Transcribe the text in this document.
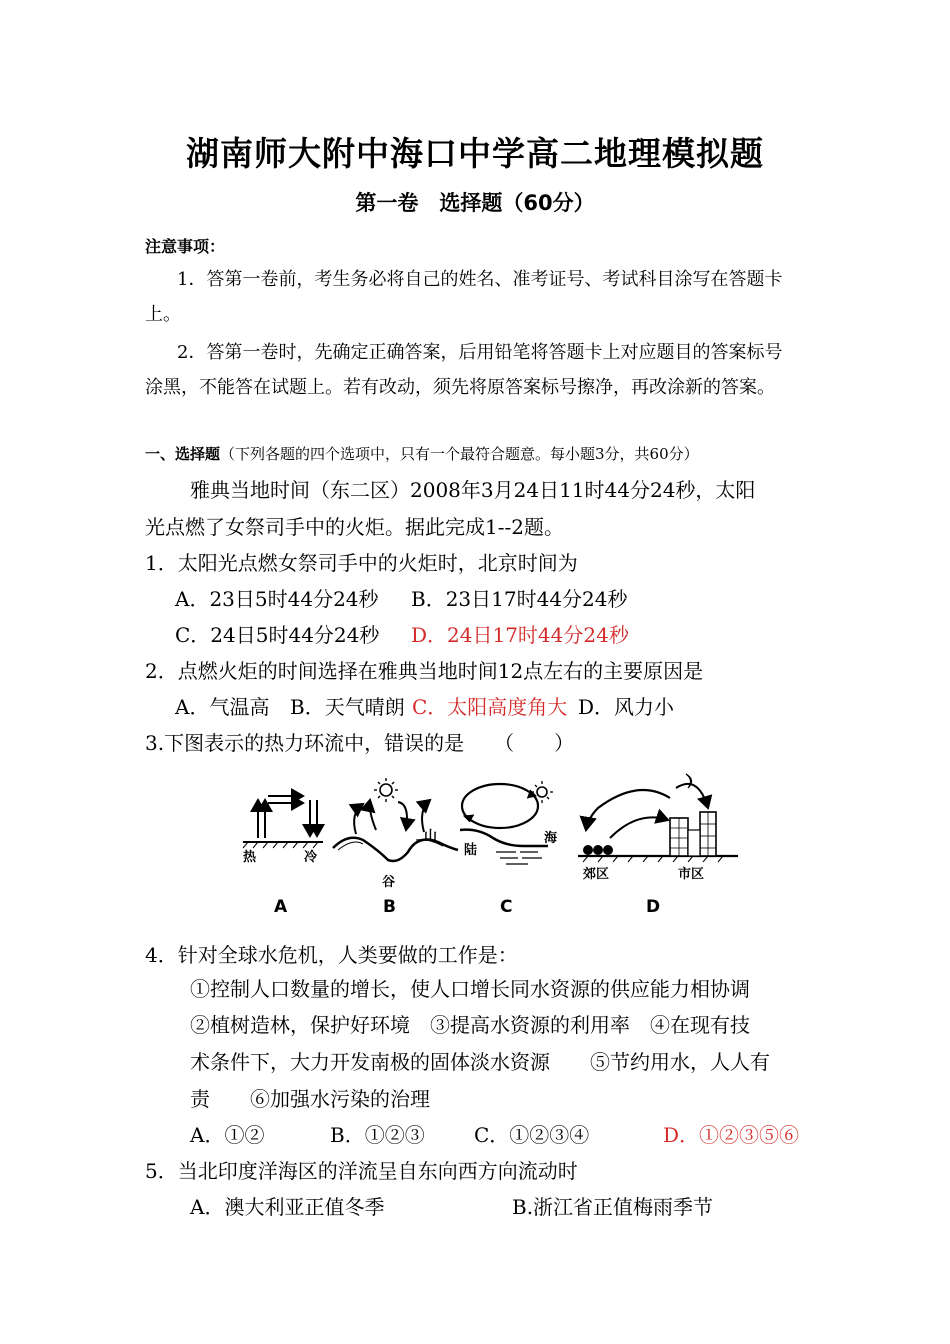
湖南师大附中海口中学高二地理模拟题
第一卷　选择题（60分）
注意事项：
1．答第一卷前，考生务必将自己的姓名、准考证号、考试科目涂写在答题卡
上。
2．答第一卷时，先确定正确答案，后用铅笔将答题卡上对应题目的答案标号
涂黑，不能答在试题上。若有改动，须先将原答案标号擦净，再改涂新的答案。
一、选择题（下列各题的四个选项中，只有一个最符合题意。每小题3分，共60分）
雅典当地时间（东二区）2008年3月24日11时44分24秒，太阳
光点燃了女祭司手中的火炬。据此完成1--2题。
1．太阳光点燃女祭司手中的火炬时，北京时间为
A．23日5时44分24秒 B．23日17时44分24秒
C．24日5时44分24秒 D．24日17时44分24秒
2．点燃火炬的时间选择在雅典当地时间12点左右的主要原因是
A．气温高 B．天气晴朗 C．太阳高度角大 D．风力小
3.下图表示的热力环流中，错误的是　　（　　）
热	冷
A
山
谷
B
陆
海
C
郊区	市区
D
4．针对全球水危机，人类要做的工作是：
①控制人口数量的增长，使人口增长同水资源的供应能力相协调
②植树造林，保护好环境　③提高水资源的利用率　④在现有技
术条件下，大力开发南极的固体淡水资源　　⑤节约用水，人人有
责　　⑥加强水污染的治理
A．①②	B．①②③ C．①②③④	D．①②③⑤⑥
5．当北印度洋海区的洋流呈自东向西方向流动时
A．澳大利亚正值冬季	B.浙江省正值梅雨季节
